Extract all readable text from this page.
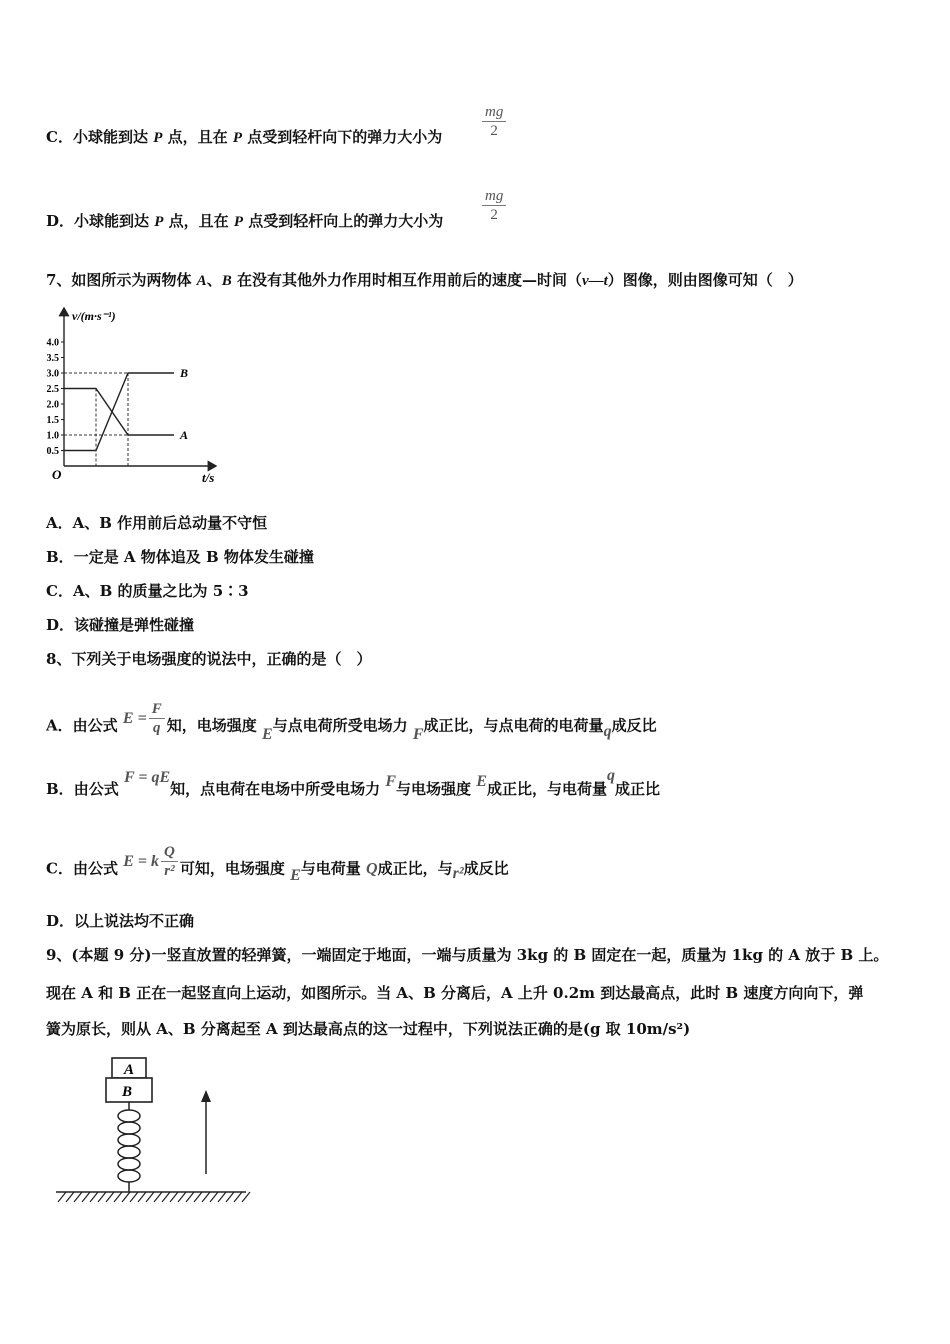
C．小球能到达 P 点，且在 P 点受到轻杆向下的弹力大小为	$\frac{mg}{2}$
D．小球能到达 P 点，且在 P 点受到轻杆向上的弹力大小为	$\frac{mg}{2}$
7、如图所示为两物体 A、B 在没有其他外力作用时相互作用前后的速度—时间（v—t）图像，则由图像可知（　）
v/(m·s⁻¹)
t/s
O
0.5
1.0
1.5
2.0
2.5
3.0
3.5
4.0
A
B
A．A、B 作用前后总动量不守恒
B．一定是 A 物体追及 B 物体发生碰撞
C．A、B 的质量之比为 5∶3
D．该碰撞是弹性碰撞
8、下列关于电场强度的说法中，正确的是（　）
A．由公式 $E = \frac{F}{q}$ 知，电场强度 E与点电荷所受电场力 F成正比，与点电荷的电荷量q成反比
B．由公式 F = qE知，点电荷在电场中所受电场力 F与电场强度 E成正比，与电荷量q成正比
C．由公式 E = k $\frac{Q}{\text{r²}}$ 可知，电场强度 E与电荷量 Q成正比，与r²成反比
D．以上说法均不正确
9、(本题 9 分)一竖直放置的轻弹簧，一端固定于地面，一端与质量为 3kg 的 B 固定在一起，质量为 1kg 的 A 放于 B 上。
现在 A 和 B 正在一起竖直向上运动，如图所示。当 A、B 分离后，A 上升 0.2m 到达最高点，此时 B 速度方向向下，弹
簧为原长，则从 A、B 分离起至 A 到达最高点的这一过程中，下列说法正确的是(g 取 10m/s²)
A
B
